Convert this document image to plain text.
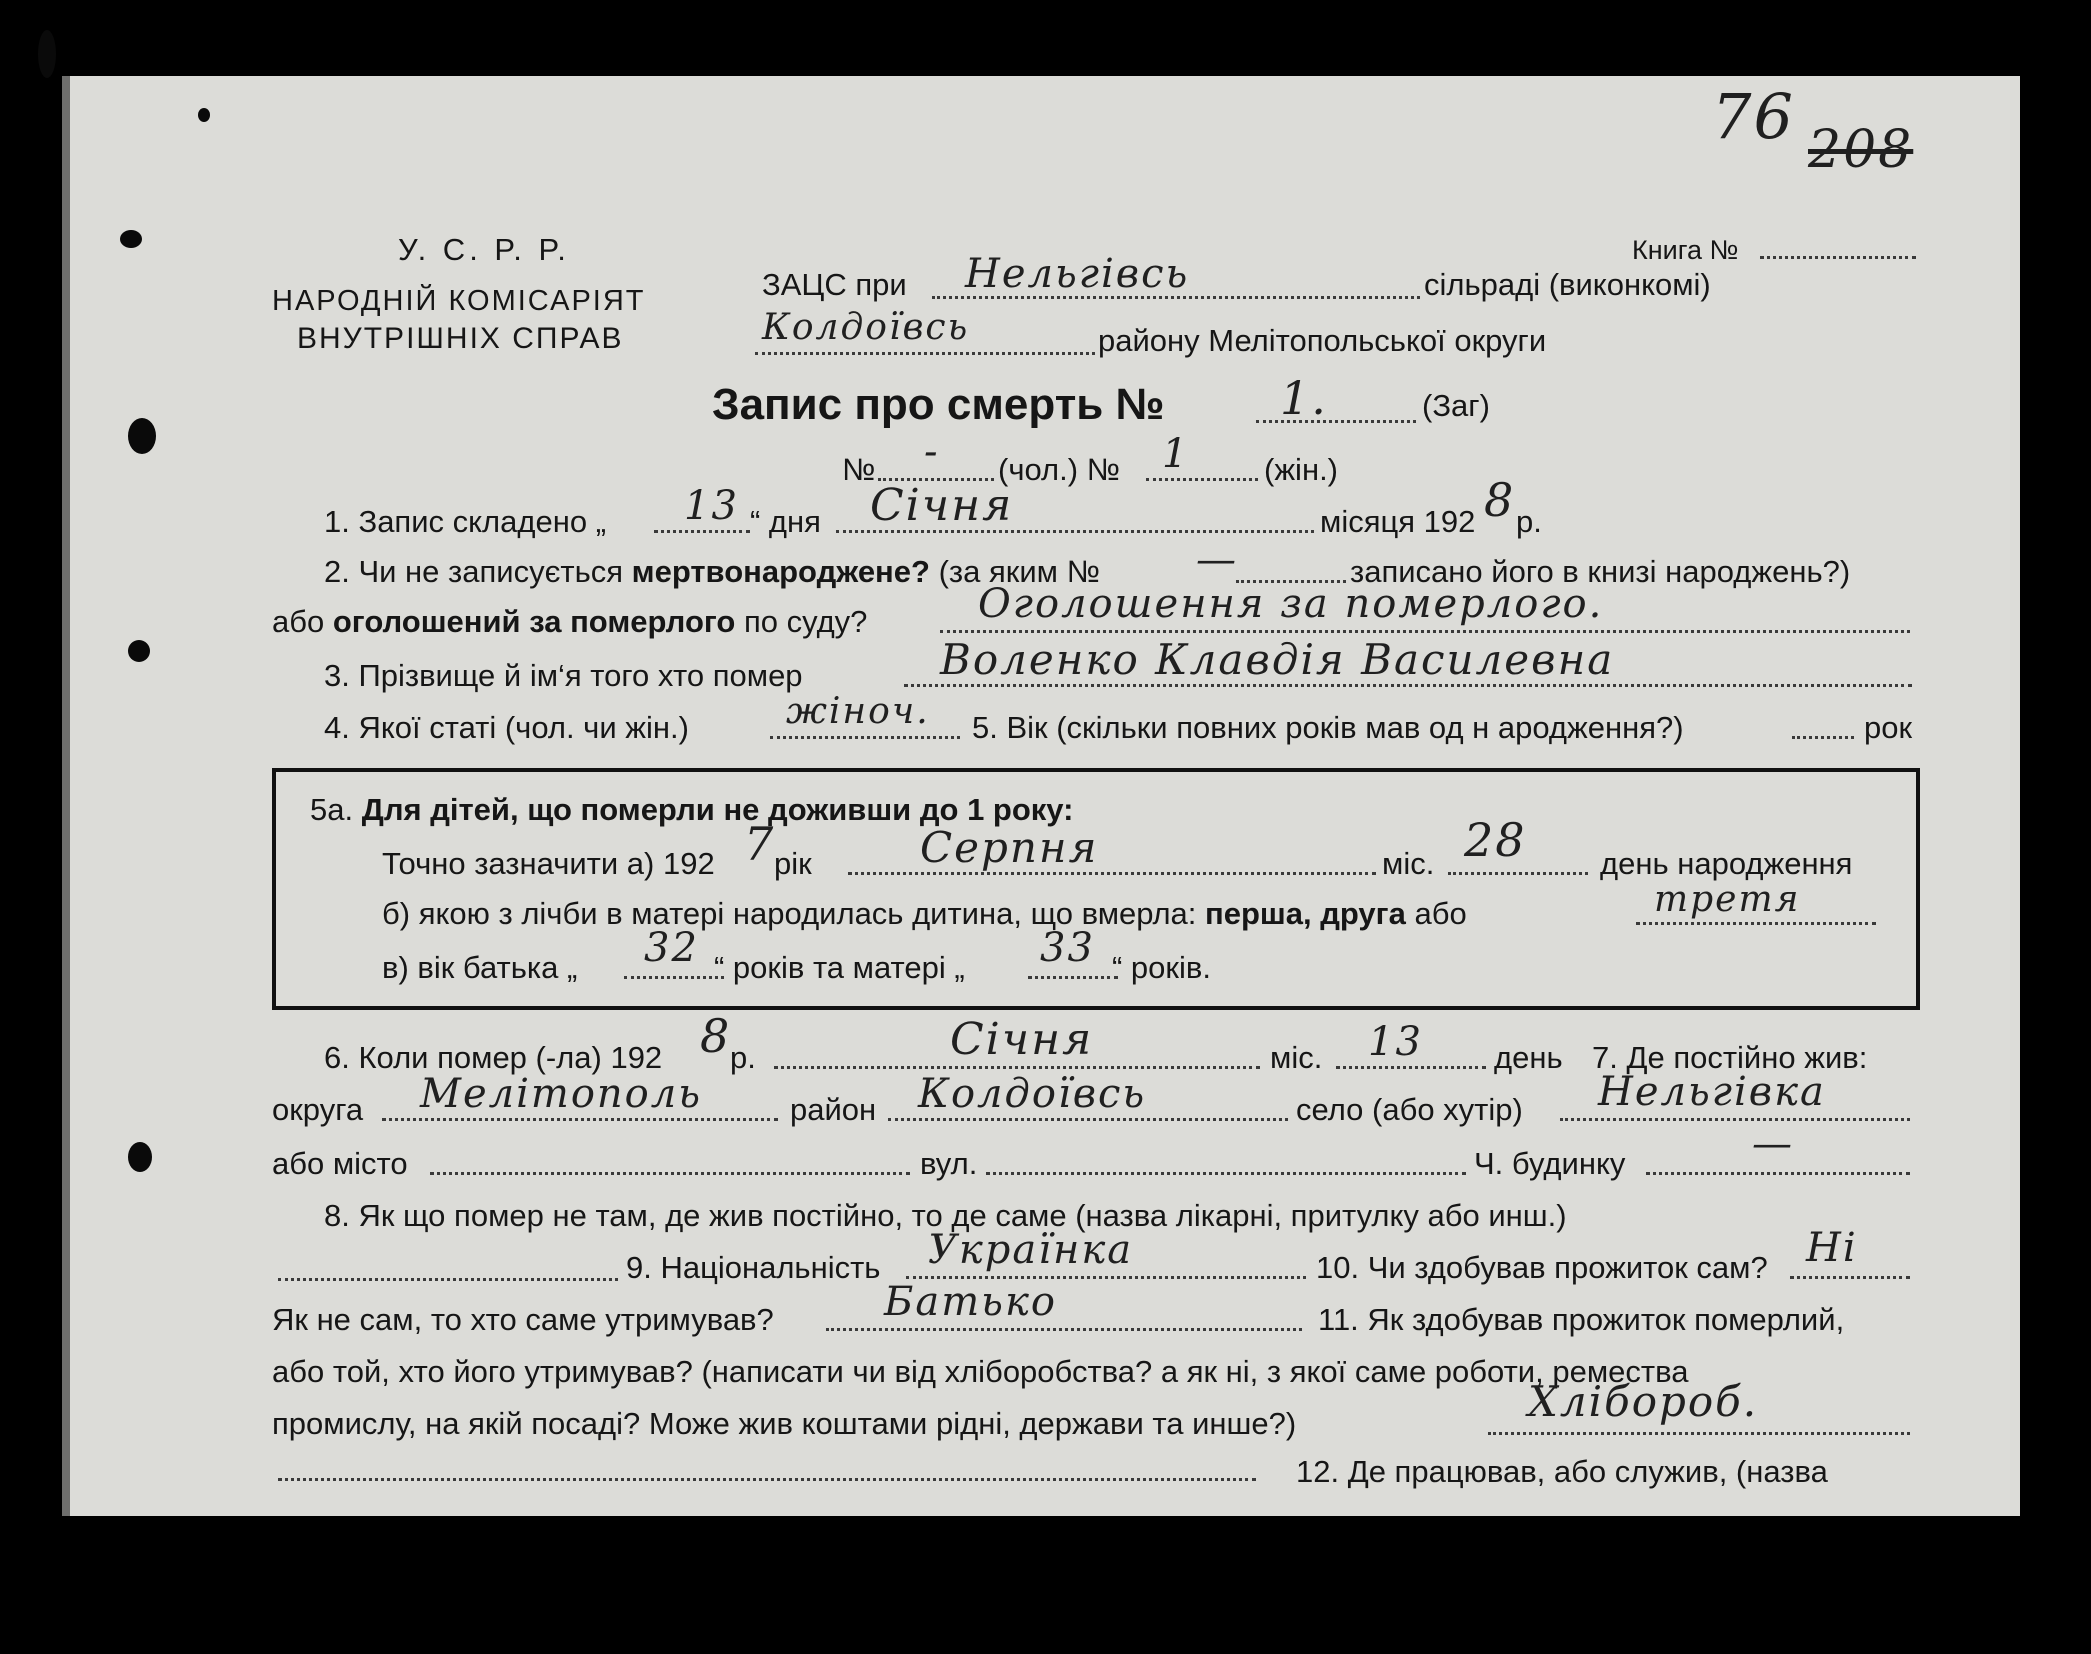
76 208
У. С. Р. Р.
НАРОДНІЙ КОМІСАРІЯТ
ВНУТРІШНІХ СПРАВ
Книга №
ЗАЦС при Нельгівсь	сільраді (виконкомі)
Колдоївсь	району Мелітопольської округи
Запис про смерть №	1.	(Заг)
№ - (чол.) № 1 (жін.)
1. Запис складено „ 13 “ дня Січня	місяця 192 8 р.
2. Чи не записується мертвонароджене? (за яким № —	записано його в книзі народжень?)
або оголошений за померлого по суду?	Оголошення за померлого.
3. Прізвище й ім‘я того хто помер	Воленко Клавдія Василевна
4. Якої статі (чол. чи жін.)	жіноч. 5. Вік (скільки повних років мав од н ародження?)	рок
5а. Для дітей, що померли не доживши до 1 року:
Точно зазначити а) 192 7
рік	Серпня	міс. 28 день народження
б) якою з лічби в матері народилась дитина, що вмерла: перша, друга або	третя
в) вік батька „ 32 “ років та матері „ 33 “ років.
6. Коли помер (-ла) 192 8
р.	Січня	міс. 13 день 7. Де постійно жив:
округа Мелітополь	район Колдоївсь	село (або хутір) Нельгівка
або місто	вул.	Ч. будинку	—
8. Як що помер не там, де жив постійно, то де саме (назва лікарні, притулку або инш.)
9. Національність Українка	10. Чи здобував прожиток сам? Ні
Як не сам, то хто саме утримував?	Батько	11. Як здобував прожиток померлий,
або той, хто його утримував? (написати чи від хліборобства? а як ні, з якої саме роботи, ремества
промислу, на якій посаді? Може жив коштами рідні, держави та инше?)	Хлібороб.
12. Де працював, або служив, (назва
